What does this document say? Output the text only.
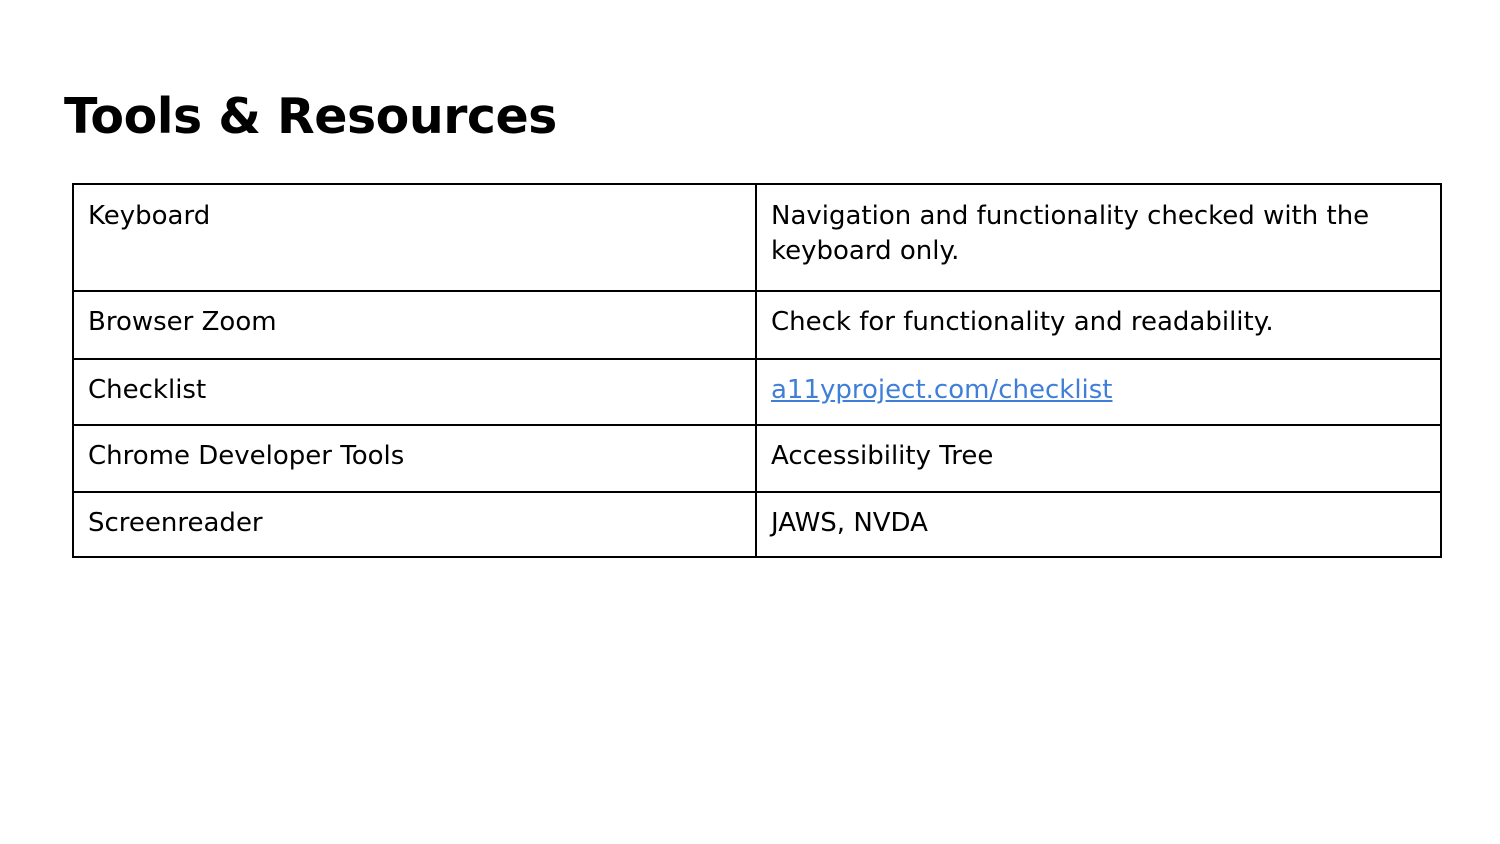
Tools & Resources
Keyboard	Navigation and functionality checked with the keyboard only.
Browser Zoom	Check for functionality and readability.
Checklist	a11yproject.com/checklist
Chrome Developer Tools	Accessibility Tree
Screenreader	JAWS, NVDA
